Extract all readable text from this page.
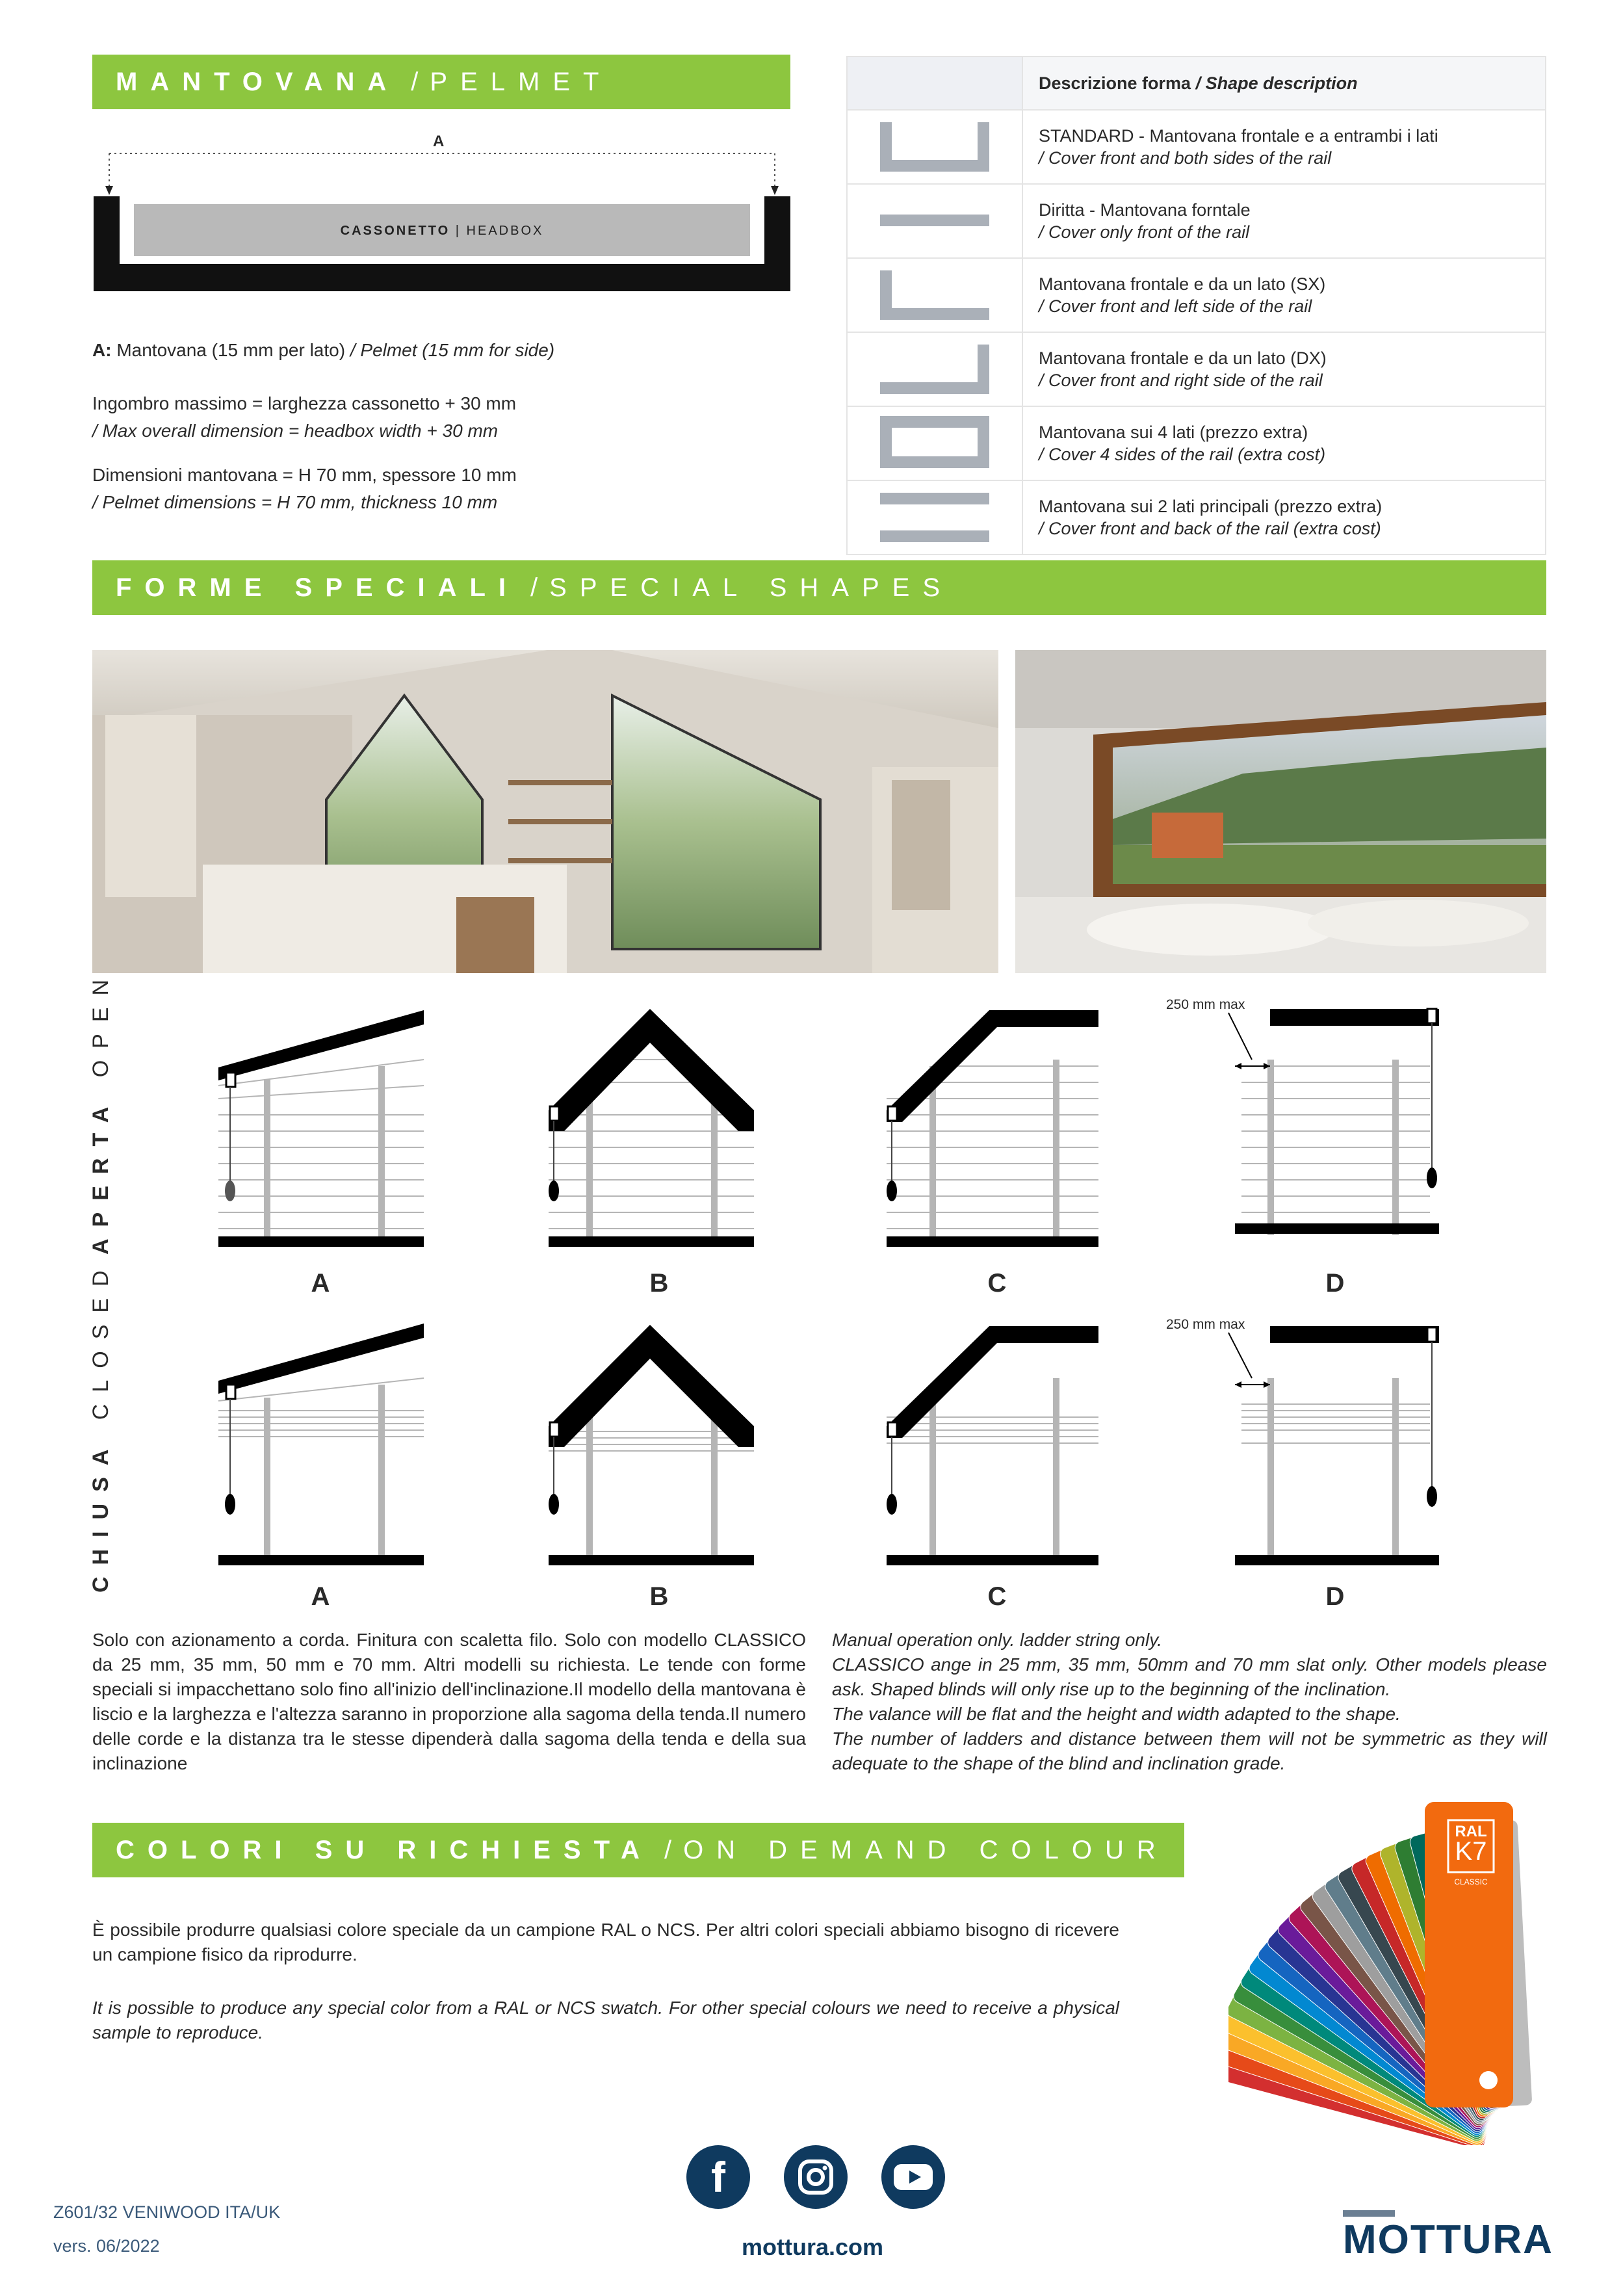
MANTOVANA / PELMET
A
CASSONETTO | HEADBOX
A: Mantovana (15 mm per lato) / Pelmet (15 mm for side)
Ingombro massimo = larghezza cassonetto + 30 mm
/ Max overall dimension = headbox width + 30 mm
Dimensioni mantovana = H 70 mm, spessore 10 mm
/ Pelmet dimensions = H 70 mm, thickness 10 mm
	Descrizione forma / Shape description

STANDARD - Mantovana frontale e a entrambi i lati
/ Cover front and both sides of the rail

Diritta - Mantovana forntale
/ Cover only front of the rail

Mantovana frontale e da un lato (SX)
/ Cover front and left side of the rail

Mantovana frontale e da un lato (DX)
/ Cover front and right side of the rail

Mantovana sui 4 lati (prezzo extra)
/ Cover 4 sides of the rail (extra cost)

Mantovana sui 2 lati principali (prezzo extra)
/ Cover front and back of the rail (extra cost)
FORME SPECIALI / SPECIAL SHAPES
APERTA OPEN
CHIUSA CLOSED
250 mm max
250 mm max
A	B	C	D
A	B	C	D
Solo con azionamento a corda. Finitura con scaletta filo. Solo con modello CLASSICO da 25 mm, 35 mm, 50 mm e 70 mm. Altri modelli su richiesta. Le tende con forme speciali si impacchettano solo fino all'inizio dell'inclinazione.Il modello della mantovana è liscio e la larghezza e l'altezza saranno in proporzione alla sagoma della tenda.Il numero delle corde e la distanza tra le stesse dipenderà dalla sagoma della tenda e della sua inclinazione
Manual operation only. ladder string only.
CLASSICO ange in 25 mm, 35 mm, 50mm and 70 mm slat only. Other models please ask. Shaped blinds will only rise up to the beginning of the inclination.
The valance will be flat and the height and width adapted to the shape.
The number of ladders and distance between them will not be symmetric as they will adequate to the shape of the blind and inclination grade.
COLORI SU RICHIESTA / ON DEMAND COLOUR
È possibile produrre qualsiasi colore speciale da un campione RAL o NCS. Per altri colori speciali abbiamo bisogno di ricevere un campione fisico da riprodurre.
It is possible to produce any special color from a RAL or NCS swatch. For other special colours we need to receive a physical sample to reproduce.
RAL
K7
CLASSIC
f
mottura.com
Z601/32 VENIWOOD ITA/UK
vers. 06/2022	MOTTURA
